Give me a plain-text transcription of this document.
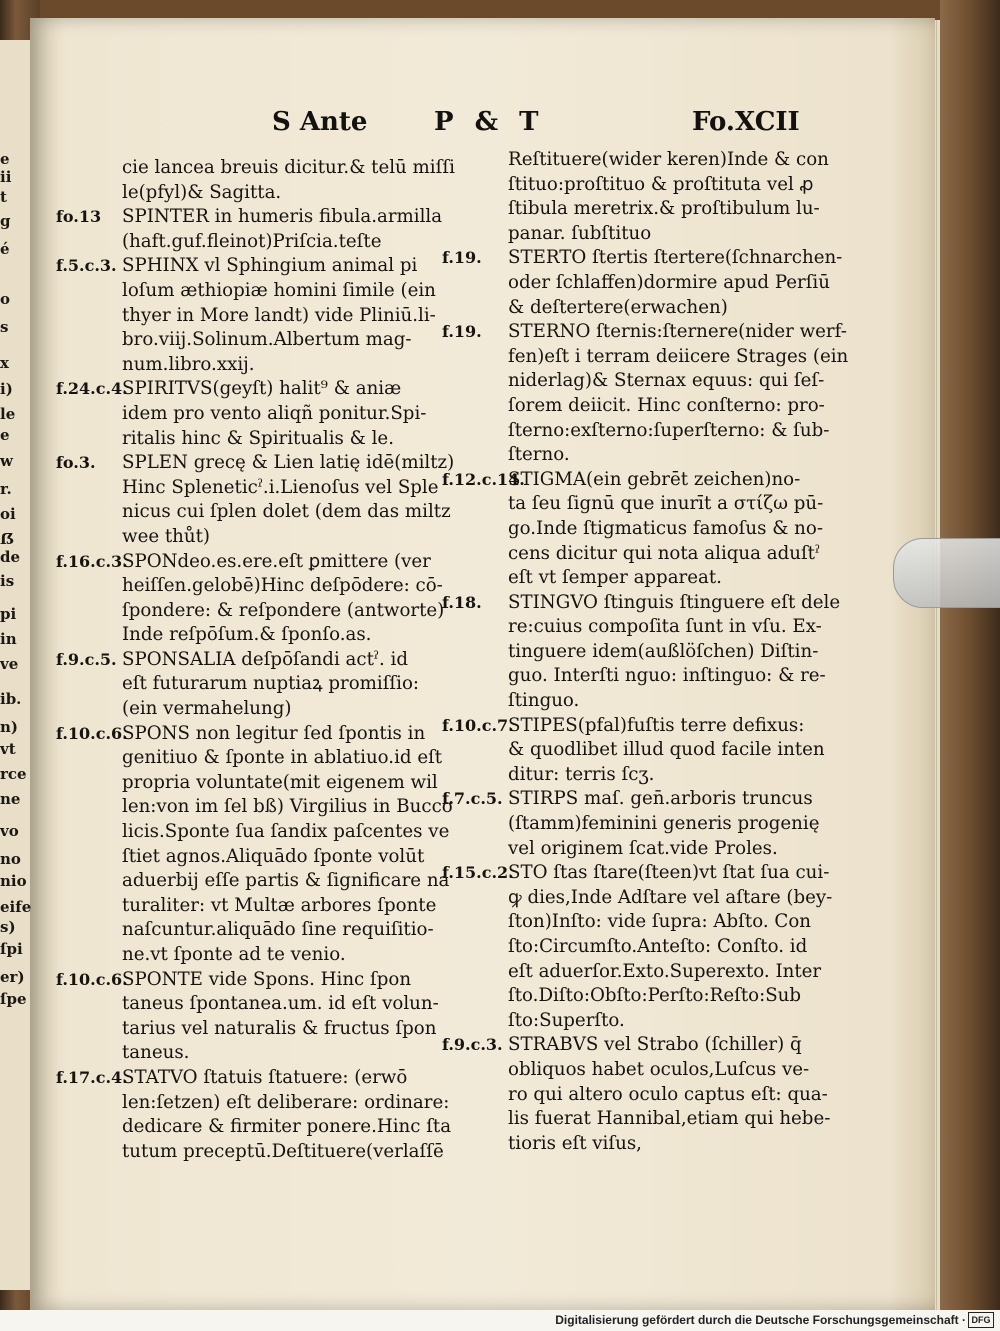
e
ii
t
g
é
o
s
x
i)
le
e
w
r.
oi
ẞ
de
is
pi
in
ve
ib.
n)
vt
rce
ne
vo
no
nio
eife
s)
ſpi
er)
ſpe
S Ante	P & T	Fo.XCII
cie lancea breuis dicitur.& telū miſſi
le(pfyl)& Sagitta.
fo.13	SPINTER in humeris fibula.armilla
(haft.guf.fleinot)Priſcia.teſte
f.5.c.3. SPHINX vl Sphingium animal pi
loſum æthiopiæ homini ſimile (ein
thyer in More landt) vide Pliniū.li-
bro.viij.Solinum.Albertum mag-
num.libro.xxij.
f.24.c.4.
SPIRITVS(geyſt) halit⁹ & aniæ
idem pro vento aliqñ ponitur.Spi-
ritalis hinc & Spiritualis & le.
fo.3.	SPLEN grecę & Lien latię idē(miltz)
Hinc Spleneticˀ.i.Lienoſus vel Sple
nicus cui ſplen dolet (dem das miltz
wee thůt)
f.16.c.3.
SPONdeo.es.ere.eſt ꝑmittere (ver
heiſſen.gelobē)Hinc deſpōdere: cō-
ſpondere: & reſpondere (antworte)
Inde reſpōſum.& ſponſo.as.
f.9.c.5. SPONSALIA deſpōſandi actˀ. id
eſt futurarum nuptiaꝝ promiſſio:
(ein vermahelung)
f.10.c.6.
SPONS non legitur ſed ſpontis in
genitiuo & ſponte in ablatiuo.id eſt
propria voluntate(mit eigenem wil
len:von im ſel bß) Virgilius in Bucco
licis.Sponte ſua ſandix paſcentes ve
ſtiet agnos.Aliquādo ſponte volūt
aduerbij eſſe partis & ſignificare na
turaliter: vt Multæ arbores ſponte
naſcuntur.aliquādo ſine requiſitio-
ne.vt ſponte ad te venio.
f.10.c.6.
SPONTE vide Spons. Hinc ſpon
taneus ſpontanea.um. id eſt volun-
tarius vel naturalis & fructus ſpon
taneus.
f.17.c.4.
STATVO ſtatuis ſtatuere: (erwō
len:ſetzen) eſt deliberare: ordinare:
dedicare & firmiter ponere.Hinc ſta
tutum preceptū.Deſtituere(verlaſſē
Reſtituere(wider keren)Inde & con
ſtituo:proſtituo & proſtituta vel ꝓ
ſtibula meretrix.& proſtibulum lu-
panar. ſubſtituo
f.19.	STERTO ſtertis ſtertere(ſchnarchen-
oder ſchlaffen)dormire apud Perſiū
& deſtertere(erwachen)
f.19.	STERNO ſternis:ſternere(nider werf-
fen)eſt i terram deiicere Strages (ein
niderlag)& Sternax equus: qui ſeſ-
ſorem deiicit. Hinc conſterno: pro-
ſterno:exſterno:ſuperſterno: & ſub-
ſterno.
f.12.c.14.
STIGMA(ein gebrēt zeichen)no-
ta ſeu ſignū que inurīt a στίζω pū-
go.Inde ſtigmaticus famoſus & no-
cens dicitur qui nota aliqua aduſtˀ
eſt vt ſemper appareat.
f.18.	STINGVO ſtinguis ſtinguere eſt dele
re:cuius compoſita ſunt in vſu. Ex-
tinguere idem(außlöſchen) Diſtin-
guo. Interſti nguo: inſtinguo: & re-
ſtinguo.
f.10.c.7.
STIPES(pfal)fuſtis terre defixus:
& quodlibet illud quod facile inten
ditur: terris ſcʒ.
f.7.c.5. STIRPS maſ. gen̄.arboris truncus
(ſtamm)feminini generis progenię
vel originem ſcat.vide Proles.
f.15.c.2.
STO ſtas ſtare(ſteen)vt ſtat ſua cui-
ꝙ dies,Inde Adſtare vel aſtare (bey-
ſton)Inſto: vide ſupra: Abſto. Con
ſto:Circumſto.Anteſto: Conſto. id
eſt aduerſor.Exto.Superexto. Inter
ſto.Diſto:Obſto:Perſto:Reſto:Sub
ſto:Superſto.
f.9.c.3. STRABVS vel Strabo (ſchiller) q̄
obliquos habet oculos,Luſcus ve-
ro qui altero oculo captus eſt: qua-
lis fuerat Hannibal,etiam qui hebe-
tioris eſt viſus,
Digitalisierung gefördert durch die Deutsche Forschungsgemeinschaft · DFG
